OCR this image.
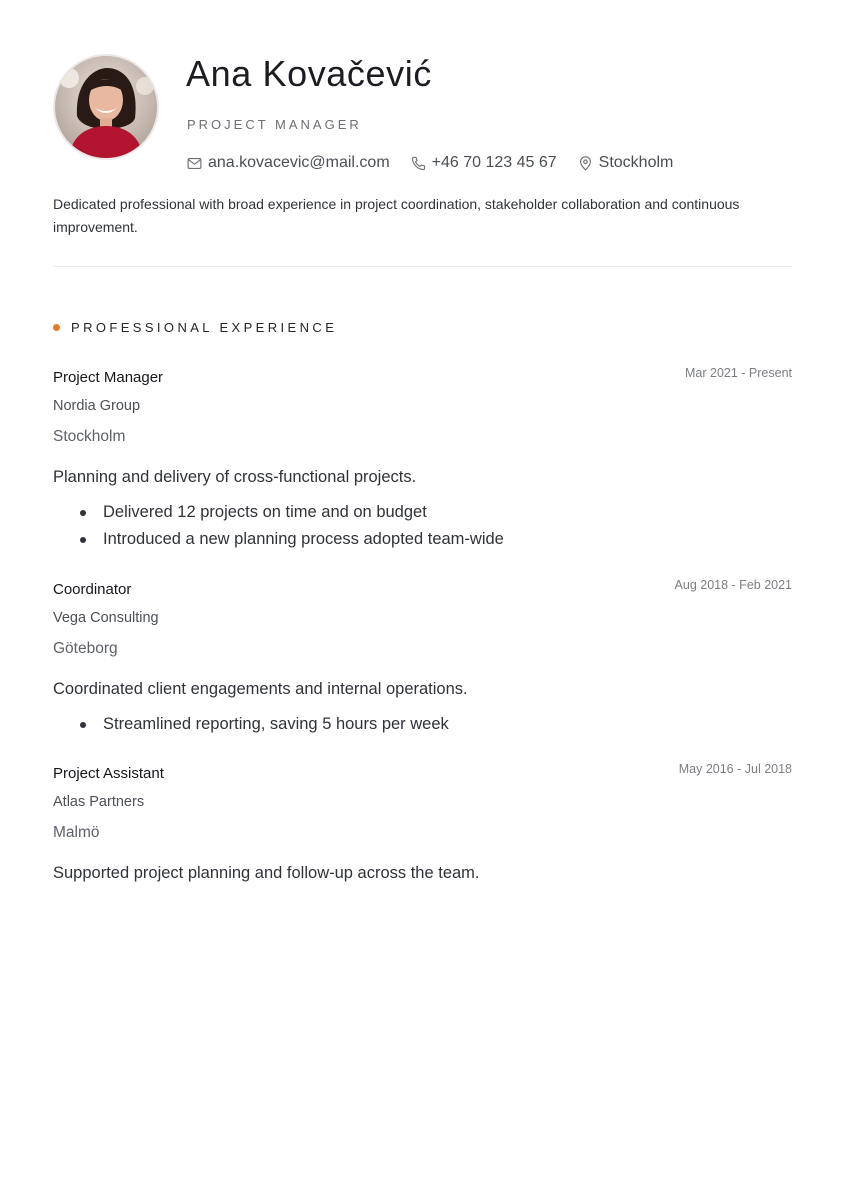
Ana Kovačević
PROJECT MANAGER
ana.kovacevic@mail.com	+46 70 123 45 67	Stockholm
Dedicated professional with broad experience in project coordination, stakeholder collaboration and continuous improvement.
PROFESSIONAL EXPERIENCE
Project Manager	Mar 2021 - Present
Nordia Group
Stockholm
Planning and delivery of cross-functional projects.
Delivered 12 projects on time and on budget
Introduced a new planning process adopted team-wide
Coordinator	Aug 2018 - Feb 2021
Vega Consulting
Göteborg
Coordinated client engagements and internal operations.
Streamlined reporting, saving 5 hours per week
Project Assistant	May 2016 - Jul 2018
Atlas Partners
Malmö
Supported project planning and follow-up across the team.
